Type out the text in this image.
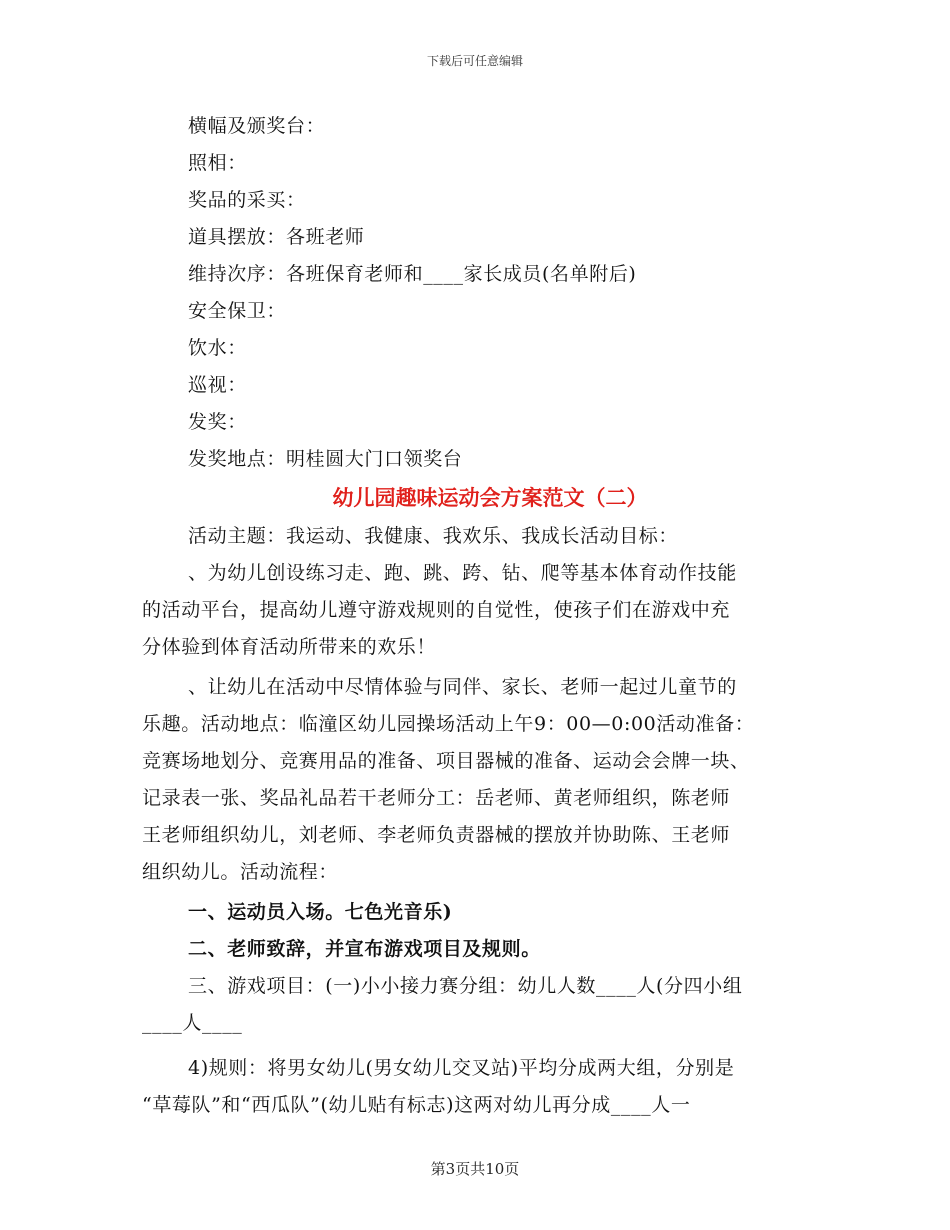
下载后可任意编辑
横幅及颁奖台：
照相：
奖品的采买：
道具摆放：各班老师
维持次序：各班保育老师和____家长成员(名单附后)
安全保卫：
饮水：
巡视：
发奖：
发奖地点：明桂圆大门口领奖台
幼儿园趣味运动会方案范文（二）
活动主题：我运动、我健康、我欢乐、我成长活动目标：
、为幼儿创设练习走、跑、跳、跨、钻、爬等基本体育动作技能
的活动平台，提高幼儿遵守游戏规则的自觉性，使孩子们在游戏中充
分体验到体育活动所带来的欢乐！
、让幼儿在活动中尽情体验与同伴、家长、老师一起过儿童节的
乐趣。活动地点：临潼区幼儿园操场活动上午9：00—0:00活动准备：
竞赛场地划分、竞赛用品的准备、项目器械的准备、运动会会牌一块、
记录表一张、奖品礼品若干老师分工：岳老师、黄老师组织，陈老师
王老师组织幼儿，刘老师、李老师负责器械的摆放并协助陈、王老师
组织幼儿。活动流程：
一、运动员入场。七色光音乐)
二、老师致辞，并宣布游戏项目及规则。
三、游戏项目：(一)小小接力赛分组：幼儿人数____人(分四小组
____人____
4)规则：将男女幼儿(男女幼儿交叉站)平均分成两大组，分别是
“草莓队”和“西瓜队”(幼儿贴有标志)这两对幼儿再分成____人一
第3页共10页
